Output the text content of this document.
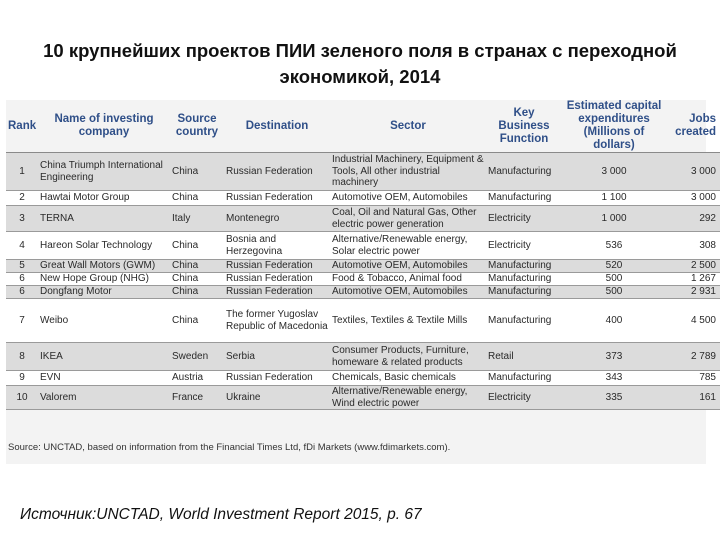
10 крупнейших проектов ПИИ зеленого поля в странах с переходной экономикой, 2014
Rank	Name of investing company	Source country	Destination	Sector	Key Business Function	Estimated capital expenditures (Millions of dollars)	Jobs created
1	China Triumph International Engineering	China	Russian Federation	Industrial Machinery, Equipment & Tools, All other industrial machinery	Manufacturing	3 000	3 000
2	Hawtai Motor Group	China	Russian Federation	Automotive OEM, Automobiles	Manufacturing	1 100	3 000
3	TERNA	Italy	Montenegro	Coal, Oil and Natural Gas, Other electric power generation	Electricity	1 000	292
4	Hareon Solar Technology	China	Bosnia and Herzegovina	Alternative/Renewable energy, Solar electric power	Electricity	536	308
5	Great Wall Motors (GWM)	China	Russian Federation	Automotive OEM, Automobiles	Manufacturing	520	2 500
6	New Hope Group (NHG)	China	Russian Federation	Food & Tobacco, Animal food	Manufacturing	500	1 267
6	Dongfang Motor	China	Russian Federation	Automotive OEM, Automobiles	Manufacturing	500	2 931
7	Weibo	China	The former Yugoslav Republic of Macedonia	Textiles, Textiles & Textile Mills	Manufacturing	400	4 500
8	IKEA	Sweden	Serbia	Consumer Products, Furniture, homeware & related products	Retail	373	2 789
9	EVN	Austria	Russian Federation	Chemicals, Basic chemicals	Manufacturing	343	785
10	Valorem	France	Ukraine	Alternative/Renewable energy, Wind electric power	Electricity	335	161
Source: UNCTAD, based on information from the Financial Times Ltd, fDi Markets (www.fdimarkets.com).
Источник:UNCTAD, World Investment Report 2015, p. 67
